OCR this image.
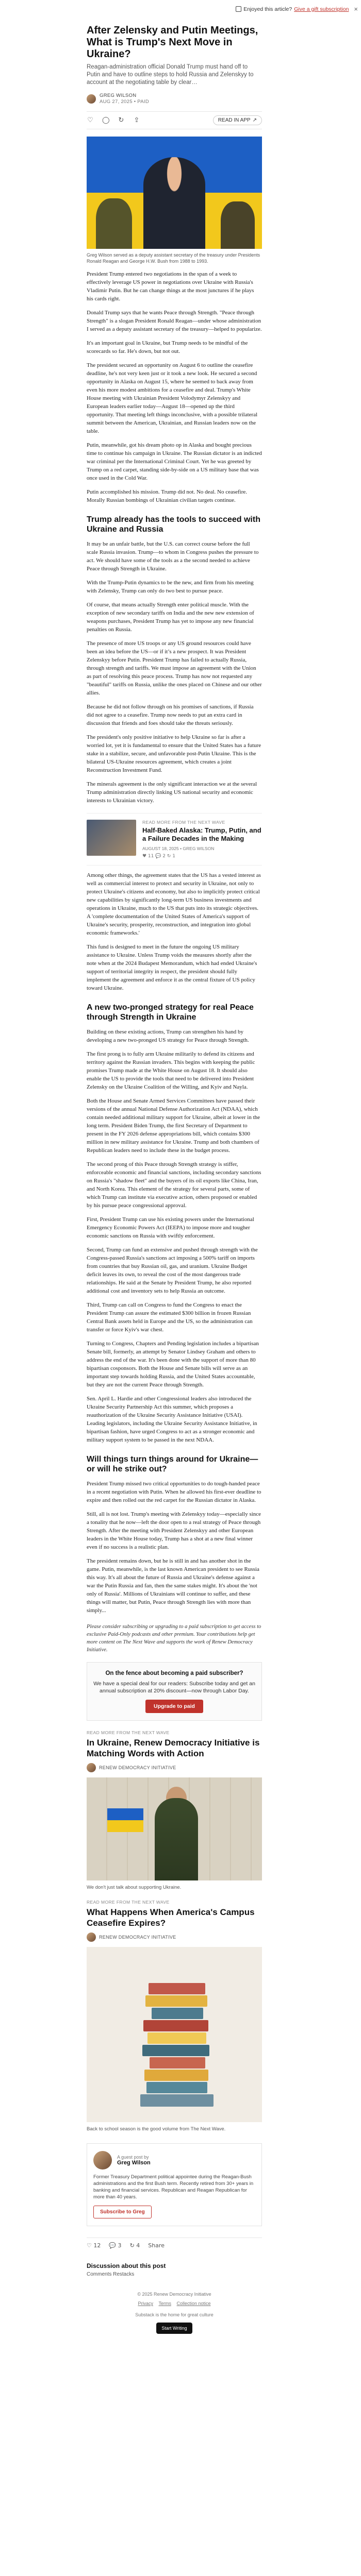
Enjoyed this article? Give a gift subscription ×
After Zelensky and Putin Meetings, What is Trump's Next Move in Ukraine?
Reagan-administration official Donald Trump must hand off to Putin and have to outline steps to hold Russia and Zelenskyy to account at the negotiating table by clear…
GREG WILSON
AUG 27, 2025 • PAID
♡ ◯ ↻ ⇪	READ IN APP ↗
Greg Wilson served as a deputy assistant secretary of the treasury under Presidents Ronald Reagan and George H.W. Bush from 1988 to 1993.

President Trump entered two negotiations in the span of a week to effectively leverage US power in negotiations over Ukraine with Russia's Vladimir Putin. But he can change things at the most junctures if he plays his cards right.

Donald Trump says that he wants Peace through Strength. "Peace through Strength" is a slogan President Ronald Reagan—under whose administration I served as a deputy assistant secretary of the treasury—helped to popularize.

It's an important goal in Ukraine, but Trump needs to be mindful of the scorecards so far. He's down, but not out.

The president secured an opportunity on August 6 to outline the ceasefire deadline, he's not very keen just or it took a new look. He secured a second opportunity in Alaska on August 15, where he seemed to back away from even his more modest ambitions for a ceasefire and deal. Trump's White House meeting with Ukrainian President Volodymyr Zelenskyy and European leaders earlier today—August 18—opened up the third opportunity. That meeting left things inconclusive, with a possible trilateral summit between the American, Ukrainian, and Russian leaders now on the table.

Putin, meanwhile, got his dream photo op in Alaska and bought precious time to continue his campaign in Ukraine. The Russian dictator is an indicted war criminal per the International Criminal Court. Yet he was greeted by Trump on a red carpet, standing side-by-side on a US military base that was once used in the Cold War.

Putin accomplished his mission. Trump did not. No deal. No ceasefire. Morally Russian bombings of Ukrainian civilian targets continue.

Trump already has the tools to succeed with Ukraine and Russia

It may be an unfair battle, but the U.S. can correct course before the full scale Russia invasion. Trump—to whom in Congress pushes the pressure to act. We should have some of the tools as a the second needed to achieve Peace through Strength in Ukraine.

With the Trump-Putin dynamics to be the new, and firm from his meeting with Zelensky, Trump can only do two best to pursue peace.

Of course, that means actually Strength enter political muscle. With the exception of new secondary tariffs on India and the new new extension of weapons purchases, President Trump has yet to impose any new financial penalties on Russia.

The presence of more US troops or any US ground resources could have been an idea before the US—or if it’s a new prospect. It was President Zelenskyy before Putin. President Trump has failed to actually Russia, through strength and tariffs. We must impose an agreement with the Union as part of resolving this peace process. Trump has now not requested any "beautiful" tariffs on Russia, unlike the ones placed on Chinese and our other allies.

Because he did not follow through on his promises of sanctions, if Russia did not agree to a ceasefire. Trump now needs to put an extra card in discussion that friends and foes should take the threats seriously.

The president's only positive initiative to help Ukraine so far is after a worried lot, yet it is fundamental to ensure that the United States has a future stake in a stabilize, secure, and unfavorable post-Putin Ukraine. This is the bilateral US-Ukraine resources agreement, which creates a joint Reconstruction Investment Fund.

The minerals agreement is the only significant interaction we at the several Trump administration directly linking US national security and economic interests to Ukrainian victory.

READ MORE FROM THE NEXT WAVE
Half-Baked Alaska: Trump, Putin, and a Failure Decades in the Making
AUGUST 18, 2025 • GREG WILSON
♥ 11 💬 2 ↻ 1

Among other things, the agreement states that the US has a vested interest as well as commercial interest to protect and security in Ukraine, not only to protect Ukraine's citizens and economy, but also to implicitly protect critical new capabilities by significantly long-term US business investments and operations in Ukraine, much to the US that puts into its strategic objectives. A 'complete documentation of the United States of America's support of Ukraine's security, prosperity, reconstruction, and integration into global economic frameworks.'

This fund is designed to meet in the future the ongoing US military assistance to Ukraine. Unless Trump voids the measures shortly after the note when at the 2024 Budapest Memorandum, which had ended Ukraine's support of territorial integrity in respect, the president should fully implement the agreement and enforce it as the central fixture of US policy toward Ukraine.

A new two-pronged strategy for real Peace through Strength in Ukraine

Building on these existing actions, Trump can strengthen his hand by developing a new two-pronged US strategy for Peace through Strength.

The first prong is to fully arm Ukraine militarily to defend its citizens and territory against the Russian invaders. This begins with keeping the public promises Trump made at the White House on August 18. It should also enable the US to provide the tools that need to be delivered into President Zelensky on the Ukraine Coalition of the Willing, and Kyiv and Nayla.

Both the House and Senate Armed Services Committees have passed their versions of the annual National Defense Authorization Act (NDAA), which contain needed additional military support for Ukraine, albeit at lower in the long term. President Biden Trump, the first Secretary of Department to present in the FY 2026 defense appropriations bill, which contains $300 million in new military assistance for Ukraine. Trump and both chambers of Republican leaders need to include these in the budget process.

The second prong of this Peace through Strength strategy is stiffer, enforceable economic and financial sanctions, including secondary sanctions on Russia's "shadow fleet" and the buyers of its oil exports like China, Iran, and North Korea. This element of the strategy for several parts, some of which Trump can institute via executive action, others proposed or enabled by his pursue peace congressional approval.

First, President Trump can use his existing powers under the International Emergency Economic Powers Act (IEEPA) to impose more and tougher economic sanctions on Russia with swiftly enforcement.

Second, Trump can fund an extensive and pushed through strength with the Congress-passed Russia's sanctions act imposing a 500% tariff on imports from countries that buy Russian oil, gas, and uranium. Ukraine Budget deficit leaves its own, to reveal the cost of the most dangerous trade relationships. He said at the Senate by President Trump, he also reported additional cost and inventory sets to help Russia an outcome.

Third, Trump can call on Congress to fund the Congress to enact the President Trump can assure the estimated $300 billion in frozen Russian Central Bank assets held in Europe and the US, so the administration can transfer or force Kyiv's war chest.

Turning to Congress, Chapters and Pending legislation includes a bipartisan Senate bill, formerly, an attempt by Senator Lindsey Graham and others to address the end of the war. It's been done with the support of more than 80 bipartisan cosponsors. Both the House and Senate bills will serve as an important step towards holding Russia, and the United States accountable, but they are not the current Peace through Strength.

Sen. April L. Hardie and other Congressional leaders also introduced the Ukraine Security Partnership Act this summer, which proposes a reauthorization of the Ukraine Security Assistance Initiative (USAI). Leading legislators, including the Ukraine Security Assistance Initiative, in bipartisan fashion, have urged Congress to act as a stronger economic and military support system to be passed in the next NDAA.

Will things turn things around for Ukraine—or will he strike out?

President Trump missed two critical opportunities to do tough-handed peace in a recent negotiation with Putin. When he allowed his first-ever deadline to expire and then rolled out the red carpet for the Russian dictator in Alaska.

Still, all is not lost. Trump's meeting with Zelenskyy today—especially since a tonality that he now—left the door open to a real strategy of Peace through Strength. After the meeting with President Zelenskyy and other European leaders in the White House today, Trump has a shot at a new final winner even if no success is a realistic plan.

The president remains down, but he is still in and has another shot in the game. Putin, meanwhile, is the last known American president to see Russia this way. It's all about the future of Russia and Ukraine's defense against a war the Putin Russia and fan, then the same stakes might. It's about the 'not only of Russia'. Millions of Ukrainians will continue to suffer, and these things will matter, but Putin, Peace through Strength lies with more than simply...

Please consider subscribing or upgrading to a paid subscription to get access to exclusive Paid-Only podcasts and other premium. Your contributions help get more content on The Next Wave and supports the work of Renew Democracy Initiative.
On the fence about becoming a paid subscriber?
We have a special deal for our readers: Subscribe today and get an annual subscription at 20% discount—now through Labor Day.
Upgrade to paid
READ MORE FROM THE NEXT WAVE
In Ukraine, Renew Democracy Initiative is Matching Words with Action
RENEW DEMOCRACY INITIATIVE
We don't just talk about supporting Ukraine.
READ MORE FROM THE NEXT WAVE
What Happens When America's Campus Ceasefire Expires?
RENEW DEMOCRACY INITIATIVE
Back to school season is the good volume from The Next Wave.
A guest post by
Greg Wilson
Former Treasury Department political appointee during the Reagan-Bush administrations and the first Bush term. Recently retired from 30+ years in banking and financial services. Republican and Reagan Republican for more than 40 years.
Subscribe to Greg
♡ 12 💬 3 ↻ 4 Share
Discussion about this post
Comments Restacks
© 2025 Renew Democracy Initiative
Privacy Terms Collection notice
Substack is the home for great culture
Start Writing
